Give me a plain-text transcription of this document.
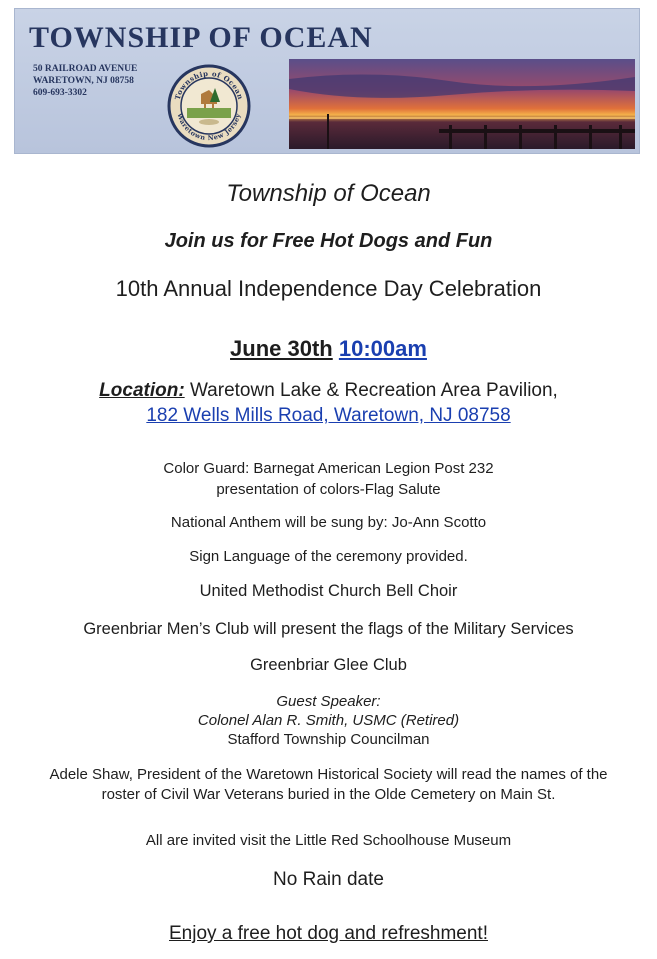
TOWNSHIP OF OCEAN
50 RAILROAD AVENUE
WARETOWN, NJ 08758
609-693-3302	Township of Ocean
Waretown New Jersey
Township of Ocean
Join us for Free Hot Dogs and Fun
10th Annual Independence Day Celebration
June 30th 10:00am
Location: Waretown Lake & Recreation Area Pavilion,
182 Wells Mills Road, Waretown, NJ 08758
Color Guard: Barnegat American Legion Post 232
presentation of colors-Flag Salute
National Anthem will be sung by: Jo-Ann Scotto
Sign Language of the ceremony provided.
United Methodist Church Bell Choir
Greenbriar Men’s Club will present the flags of the Military Services
Greenbriar Glee Club
Guest Speaker:
Colonel Alan R. Smith, USMC (Retired)
Stafford Township Councilman
Adele Shaw, President of the Waretown Historical Society will read the names of the
roster of Civil War Veterans buried in the Olde Cemetery on Main St.
All are invited visit the Little Red Schoolhouse Museum
No Rain date
Enjoy a free hot dog and refreshment!
